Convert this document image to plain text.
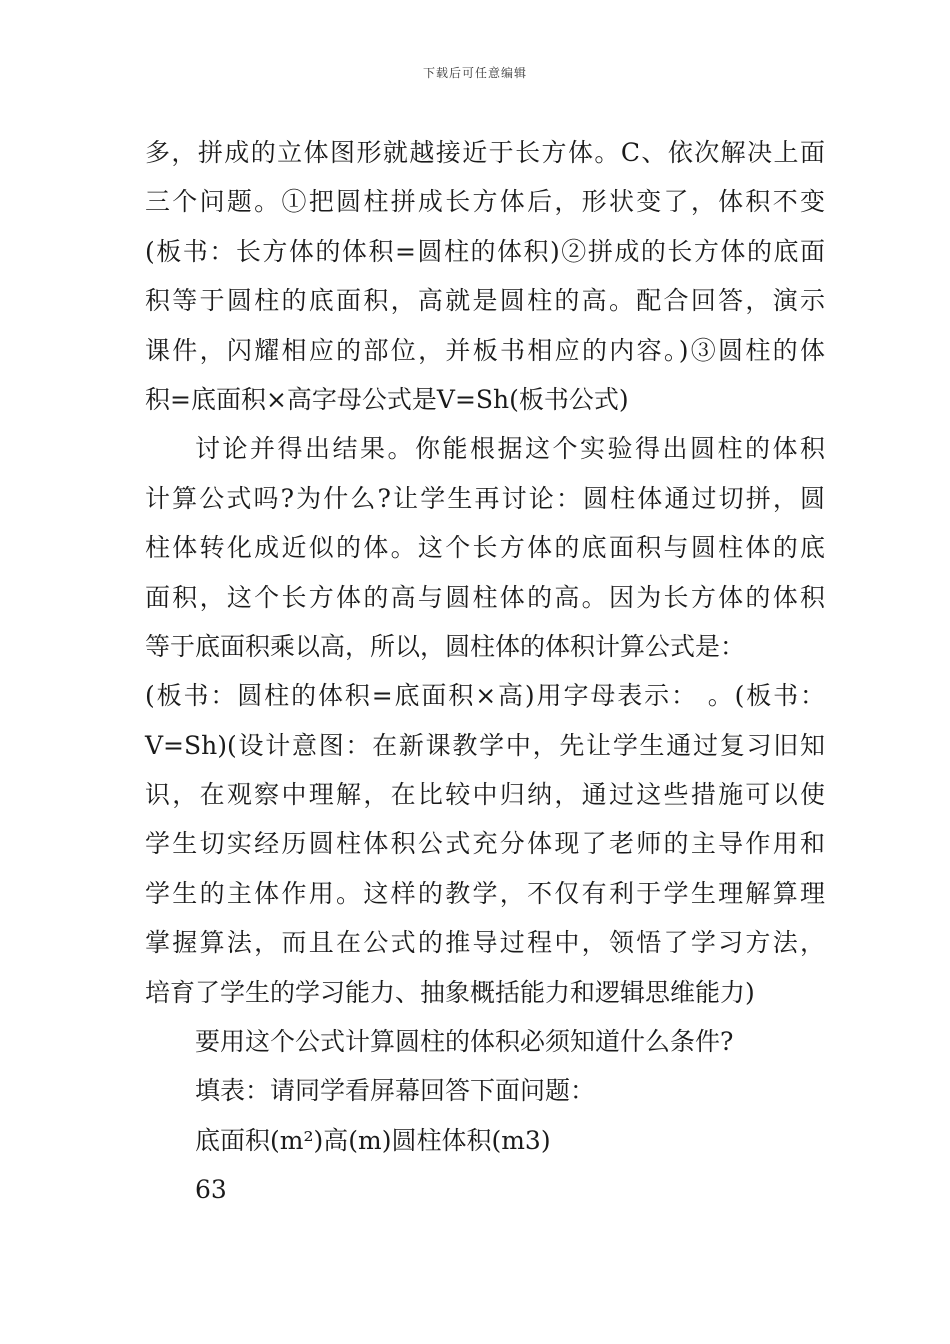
下载后可任意编辑
多，拼成的立体图形就越接近于长方体。C、依次解决上面
三个问题。①把圆柱拼成长方体后，形状变了，体积不变
(板书：长方体的体积=圆柱的体积)②拼成的长方体的底面
积等于圆柱的底面积，高就是圆柱的高。配合回答，演示
课件，闪耀相应的部位，并板书相应的内容。)③圆柱的体
积=底面积×高字母公式是V=Sh(板书公式)
讨论并得出结果。你能根据这个实验得出圆柱的体积
计算公式吗?为什么?让学生再讨论：圆柱体通过切拼，圆
柱体转化成近似的体。这个长方体的底面积与圆柱体的底
面积，这个长方体的高与圆柱体的高。因为长方体的体积
等于底面积乘以高，所以，圆柱体的体积计算公式是：
(板书：圆柱的体积=底面积×高)用字母表示： 。(板书：
V=Sh)(设计意图：在新课教学中，先让学生通过复习旧知
识，在观察中理解，在比较中归纳，通过这些措施可以使
学生切实经历圆柱体积公式充分体现了老师的主导作用和
学生的主体作用。这样的教学，不仅有利于学生理解算理
掌握算法，而且在公式的推导过程中，领悟了学习方法，
培育了学生的学习能力、抽象概括能力和逻辑思维能力)
要用这个公式计算圆柱的体积必须知道什么条件?
填表：请同学看屏幕回答下面问题：
底面积(m²)高(m)圆柱体积(m3)
63
